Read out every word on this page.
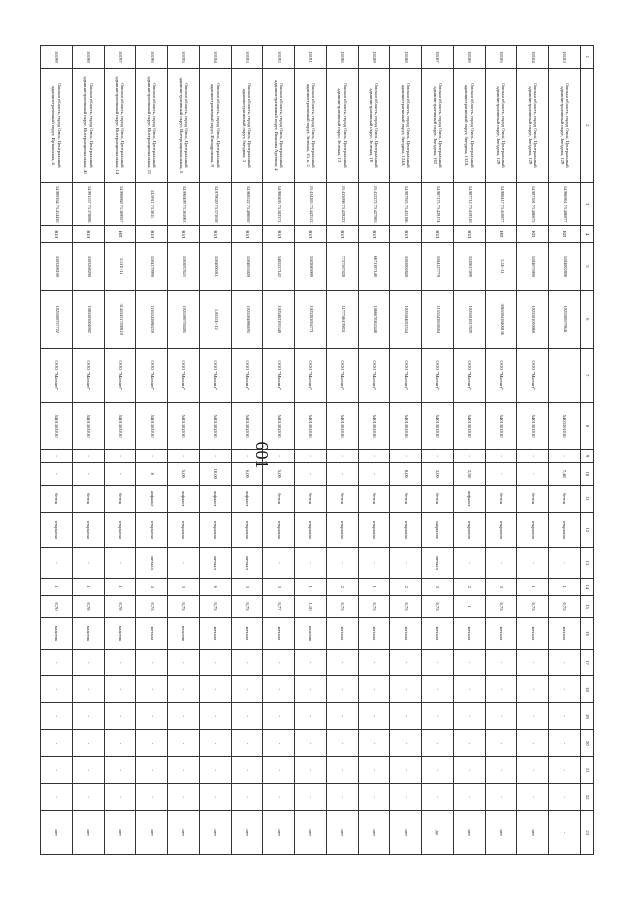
601
1	2	3	4	5	6	7	8	9	10	11	12	13	14	15	16	17	18	19	20	21	22	23
10183	Омская область, город Омск, Центральный административный округ, Звездова, 129	54.986961 73.406877	КП	5504002898	1025500579641		5403361010	-	7,40	бетон	открытая	-	1	0,75	металл	-	-	-	-	-	-	-
10184	Омская область, город Омск, Центральный административный округ, Звездова, 129	54.987391 73.406875	КП	5504075990	1025501050069	ООО "Магнит"	5401381010	-	-	бетон	открытая	-	1	0,75	металл	-	-	-	-	-	-	нет
10185	Омская область, город Омск, Центральный административный округ, Звездова, 129	54.988417 73.410077	ИП	5.5E+11	306550418400136	ООО "Магнит"	5401381010	-	-	бетон	открытая	-	3	0,75	металл	-	-	-	-	-	-	нет
10186	Омская область, город Омск, Центральный административный округ, Звездова, 132А	54.987712 73.419310	ЮЛ	5520017499	1025501817829	ООО "Магнит"	5401381010	-	2,50	асфальт	открытая	-	2	1	металл	-	-	-	-	-	-	нет
10187	Омская область, город Омск, Центральный административный округ, Звездова, 102	54.987175 73.429174	ЮЛ	5504127770	1155543052684	ООО "Магнит"	5401381010	-	3,00	бетон	закрытая	металл	3	0,75	металл	-	-	-	-	-	-	да
10188	Омская область, город Омск, Центральный административный округ, Звездова, 124А	54.987925 73.435106	ЮЛ	5503002840	1025504022554	ООО "Магнит"	5401381010	-	8,00	бетон	открытая	-	2	0,75	металл	-	-	-	-	-	-	нет
10189	Омская область, город Омск, Центральный административный округ, Зеленая, 10	55.412272 73.427905	ЮЛ	6671197148	1066670162448	ООО "Магнит"	5401381010	-	-	бетон	открытая	-	1	0,75	металл	-	-	-	-	-	-	нет
10190	Омская область, город Омск, Центральный административный округ, Зеленая, 13	55.415098 73.429222	ЮЛ	7727587428	1177746478831	ООО "Магнит"	5401381010	-	-	бетон	открытая	-	2	0,75	металл	-	-	-	-	-	-	нет
10191	Омская область, город Омск, Центральный административный округ, Зеленая, 15, к. 2	55.414263 73.442512	ЮЛ	5502049009	1025201034771	ООО "Магнит"	5401381010	-	-	бетон	открытая	-	1	1,10	пластик	-	-	-	-	-	-	нет
10192	Омская область, город Омск, Центральный административный округ, Иванова Арсения, 4	54.980495 73.382371	ЮЛ	5405217142	1025402105349	ООО "Магнит"	5401381010	-	5,00	бетон	открытая	-	3	0,77	металл	-	-	-	-	-	-	нет
10193	Омская область, город Омск, Центральный административный округ, Звездова, 3	54.968522 73.408050	ЮЛ	5504053020	1025504996695	ООО "Магнит"	5401381010	-	6,00	асфальт	открытая	металл	3	0,75	металл	-	-	-	-	-	-	нет
10194	Омская область, город Омск, Центральный административный округ, Ипподромная, 9	54.979620 73.373018	ЮЛ	5504005011	1.0555E+12	ООО "Магнит"	5401381010	-	10,00	асфальт	открытая	металл	6	0,75	металл	-	-	-	-	-	-	нет
10195	Омская область, город Омск, Центральный административный округ, Интернациональная, 5	54.990499 73.365083	ЮЛ	5503037623	1025500738405	ООО "Магнит"	5401381010	-	5,00	асфальт	открытая	-	3	0,75	пластик	-	-	-	-	-	-	нет
10196	Омская область, город Омск, Центральный административный округ, Интернациональная, 21	54.9911 73.3611	ЮЛ	5504179990	1165543080259	ООО "Магнит"	5401381010	-	8	асфальт	открытая	металл	3	0,75	металл	-	-	-	-	-	-	нет
10197	Омская область, город Омск, Центральный административный округ, Интернациональная, 14	54.990068 73.369927	ИП	5.51E+11	314554317200110	ООО "Магнит"	5401381010	-	-	бетон	открытая	-	1	0,78	пластик	-	-	-	-	-	-	нет
10198	Омская область, город Омск, Центральный административный округ, Интернациональная, 41	54.991537 73.378896	ЮЛ	5503208200	1085503004902	ООО "Магнит"	5401381010	-	-	бетон	открытая	-	1	0,78	пластик	-	-	-	-	-	-	нет
10199	Омская область, город Омск, Центральный административный округ, Иртышская, 4	54.989164 73.414430	ЮЛ	5503208100	1025500757722	ООО "Магнит"	5401381010	-	-	бетон	открытая	-	1	0,70	пластик	-	-	-	-	-	-	нет
